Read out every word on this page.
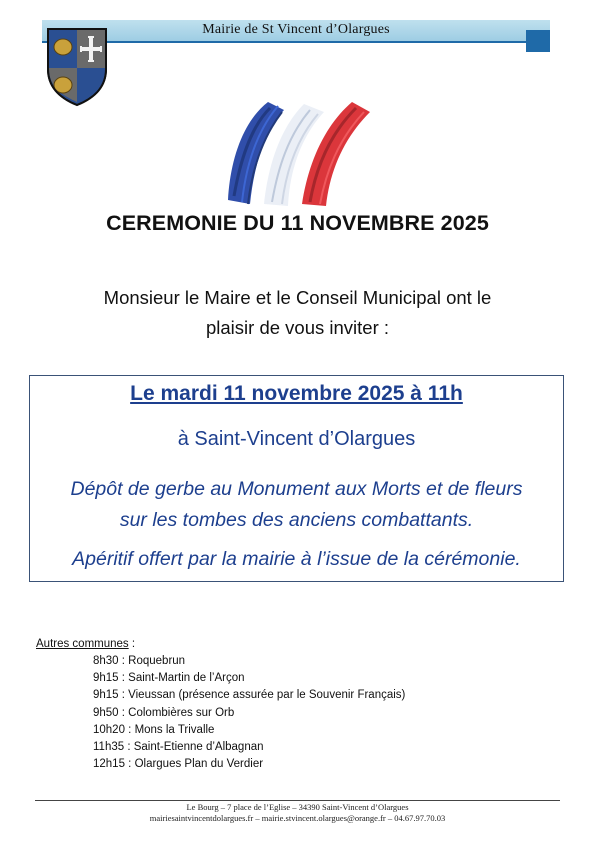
Mairie de St Vincent d’Olargues
CEREMONIE DU 11 NOVEMBRE 2025
Monsieur le Maire et le Conseil Municipal ont le
plaisir de vous inviter :
Le mardi 11 novembre 2025 à 11h
à Saint-Vincent d’Olargues
Dépôt de gerbe au Monument aux Morts et de fleurs
sur les tombes des anciens combattants.
Apéritif offert par la mairie à l’issue de la cérémonie.
Autres communes :
8h30 : Roquebrun
9h15 : Saint-Martin de l’Arçon
9h15 : Vieussan (présence assurée par le Souvenir Français)
9h50 : Colombières sur Orb
10h20 : Mons la Trivalle
11h35 : Saint-Etienne d’Albagnan
12h15 : Olargues Plan du Verdier
Le Bourg – 7 place de l’Eglise – 34390 Saint-Vincent d’Olargues
mairiesaintvincentdolargues.fr – mairie.stvincent.olargues@orange.fr – 04.67.97.70.03
